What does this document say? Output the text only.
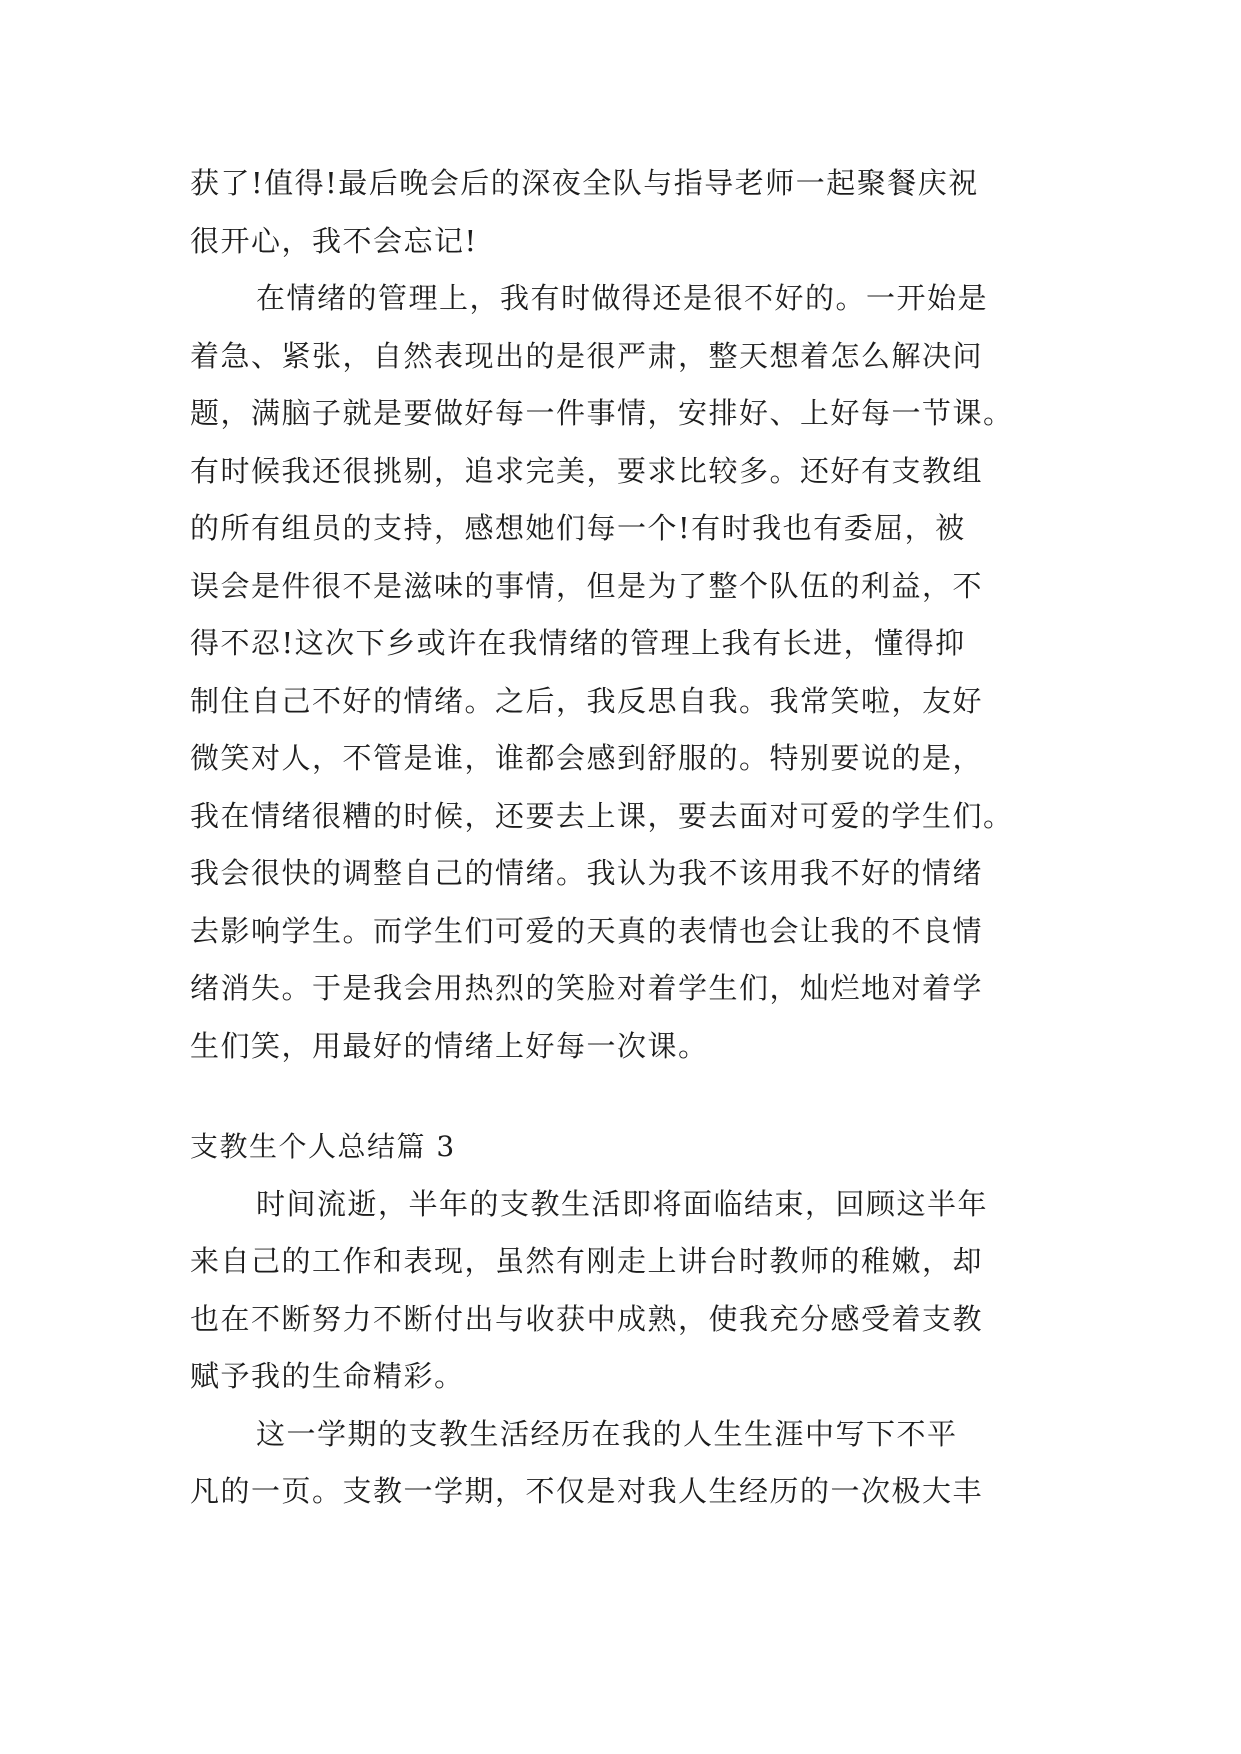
获了!值得!最后晚会后的深夜全队与指导老师一起聚餐庆祝
很开心，我不会忘记!
在情绪的管理上，我有时做得还是很不好的。一开始是
着急、紧张，自然表现出的是很严肃，整天想着怎么解决问
题，满脑子就是要做好每一件事情，安排好、上好每一节课。
有时候我还很挑剔，追求完美，要求比较多。还好有支教组
的所有组员的支持，感想她们每一个!有时我也有委屈，被
误会是件很不是滋味的事情，但是为了整个队伍的利益，不
得不忍!这次下乡或许在我情绪的管理上我有长进，懂得抑
制住自己不好的情绪。之后，我反思自我。我常笑啦，友好
微笑对人，不管是谁，谁都会感到舒服的。特别要说的是，
我在情绪很糟的时候，还要去上课，要去面对可爱的学生们。
我会很快的调整自己的情绪。我认为我不该用我不好的情绪
去影响学生。而学生们可爱的天真的表情也会让我的不良情
绪消失。于是我会用热烈的笑脸对着学生们，灿烂地对着学
生们笑，用最好的情绪上好每一次课。
支教生个人总结篇 3
时间流逝，半年的支教生活即将面临结束，回顾这半年
来自己的工作和表现，虽然有刚走上讲台时教师的稚嫩，却
也在不断努力不断付出与收获中成熟，使我充分感受着支教
赋予我的生命精彩。
这一学期的支教生活经历在我的人生生涯中写下不平
凡的一页。支教一学期，不仅是对我人生经历的一次极大丰
